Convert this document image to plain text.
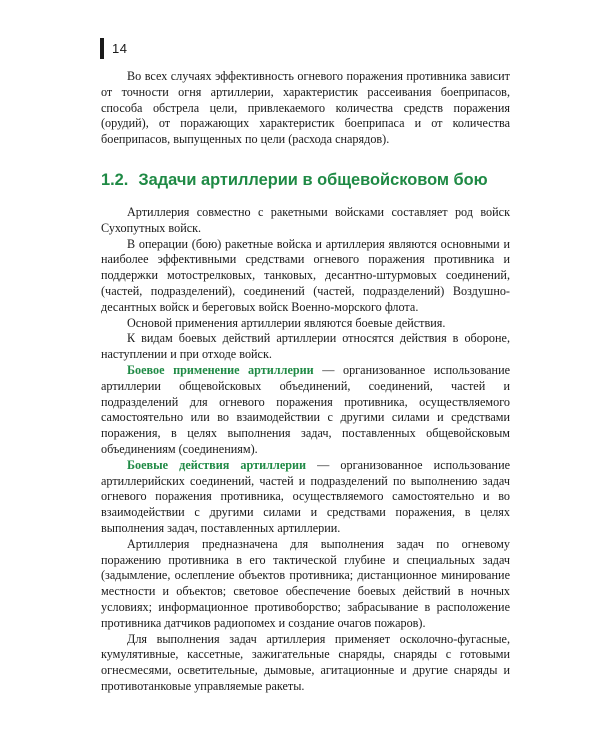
14

Во всех случаях эффективность огневого поражения противника зависит от точности огня артиллерии, характеристик рассеивания боеприпасов, способа обстрела цели, привлекаемого количества средств поражения (орудий), от поражающих характеристик боеприпаса и от количества боеприпасов, выпущенных по цели (расхода снарядов).

1.2. Задачи артиллерии в общевойсковом бою

Артиллерия совместно с ракетными войсками составляет род войск Сухопутных войск.

В операции (бою) ракетные войска и артиллерия являются основными и наиболее эффективными средствами огневого поражения противника и поддержки мотострелковых, танковых, десантно-штурмовых соединений, (частей, подразделений), соединений (частей, подразделений) Воздушно-десантных войск и береговых войск Военно-морского флота.

Основой применения артиллерии являются боевые действия.

К видам боевых действий артиллерии относятся действия в обороне, наступлении и при отходе войск.

Боевое применение артиллерии — организованное использование артиллерии общевойсковых объединений, соединений, частей и подразделений для огневого поражения противника, осуществляемого самостоятельно или во взаимодействии с другими силами и средствами поражения, в целях выполнения задач, поставленных общевойсковым объединениям (соединениям).

Боевые действия артиллерии — организованное использование артиллерийских соединений, частей и подразделений по выполнению задач огневого поражения противника, осуществляемого самостоятельно и во взаимодействии с другими силами и средствами поражения, в целях выполнения задач, поставленных артиллерии.

Артиллерия предназначена для выполнения задач по огневому поражению противника в его тактической глубине и специальных задач (задымление, ослепление объектов противника; дистанционное минирование местности и объектов; световое обеспечение боевых действий в ночных условиях; информационное противоборство; забрасывание в расположение противника датчиков радиопомех и создание очагов пожаров).

Для выполнения задач артиллерия применяет осколочно-фугасные, кумулятивные, кассетные, зажигательные снаряды, снаряды с готовыми огнесмесями, осветительные, дымовые, агитационные и другие снаряды и противотанковые управляемые ракеты.
